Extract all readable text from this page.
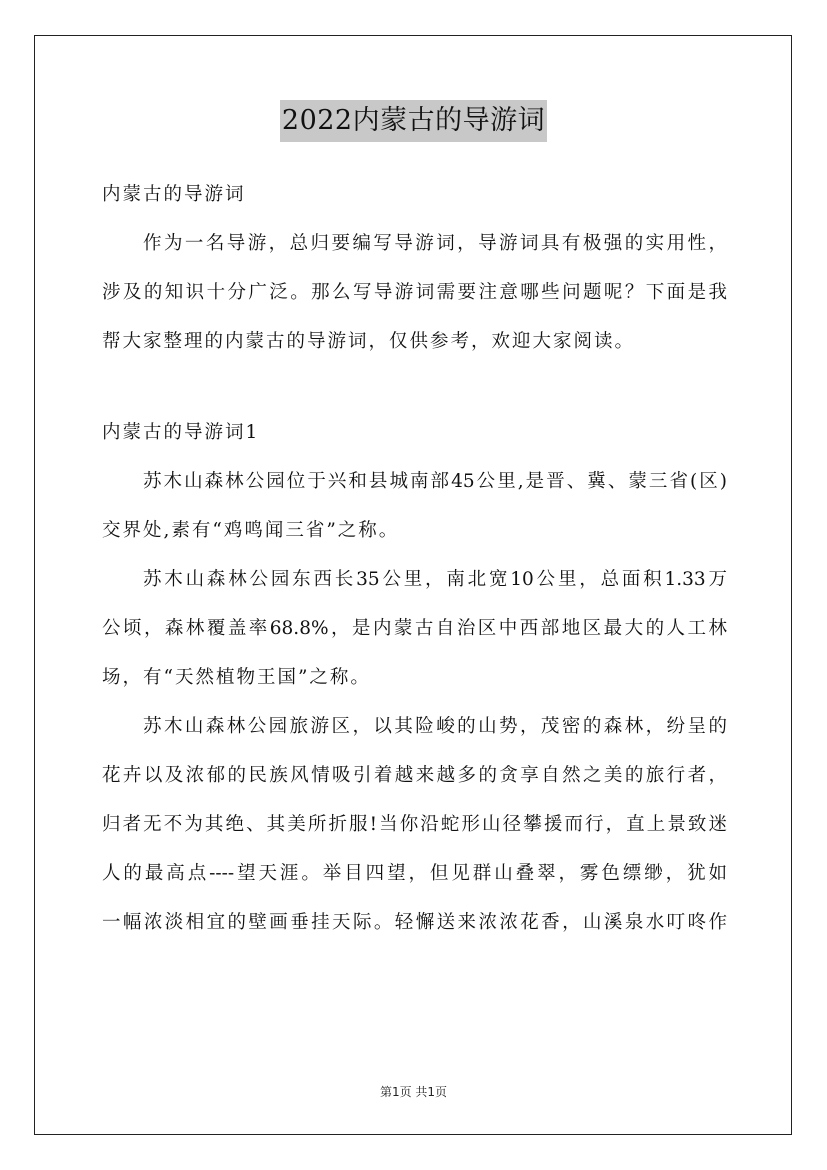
2022内蒙古的导游词
内蒙古的导游词
作为一名导游，总归要编写导游词，导游词具有极强的实用性，
涉及的知识十分广泛。那么写导游词需要注意哪些问题呢？下面是我
帮大家整理的内蒙古的导游词，仅供参考，欢迎大家阅读。
内蒙古的导游词1
苏木山森林公园位于兴和县城南部45公里,是晋、冀、蒙三省(区)
交界处,素有“鸡鸣闻三省”之称。
苏木山森林公园东西长35公里，南北宽10公里，总面积1.33万
公顷，森林覆盖率68.8%，是内蒙古自治区中西部地区最大的人工林
场，有“天然植物王国”之称。
苏木山森林公园旅游区，以其险峻的山势，茂密的森林，纷呈的
花卉以及浓郁的民族风情吸引着越来越多的贪享自然之美的旅行者，
归者无不为其绝、其美所折服!当你沿蛇形山径攀援而行，直上景致迷
人的最高点----望天涯。举目四望，但见群山叠翠，雾色缥缈，犹如
一幅浓淡相宜的壁画垂挂天际。轻懈送来浓浓花香，山溪泉水叮咚作
第1页 共1页
